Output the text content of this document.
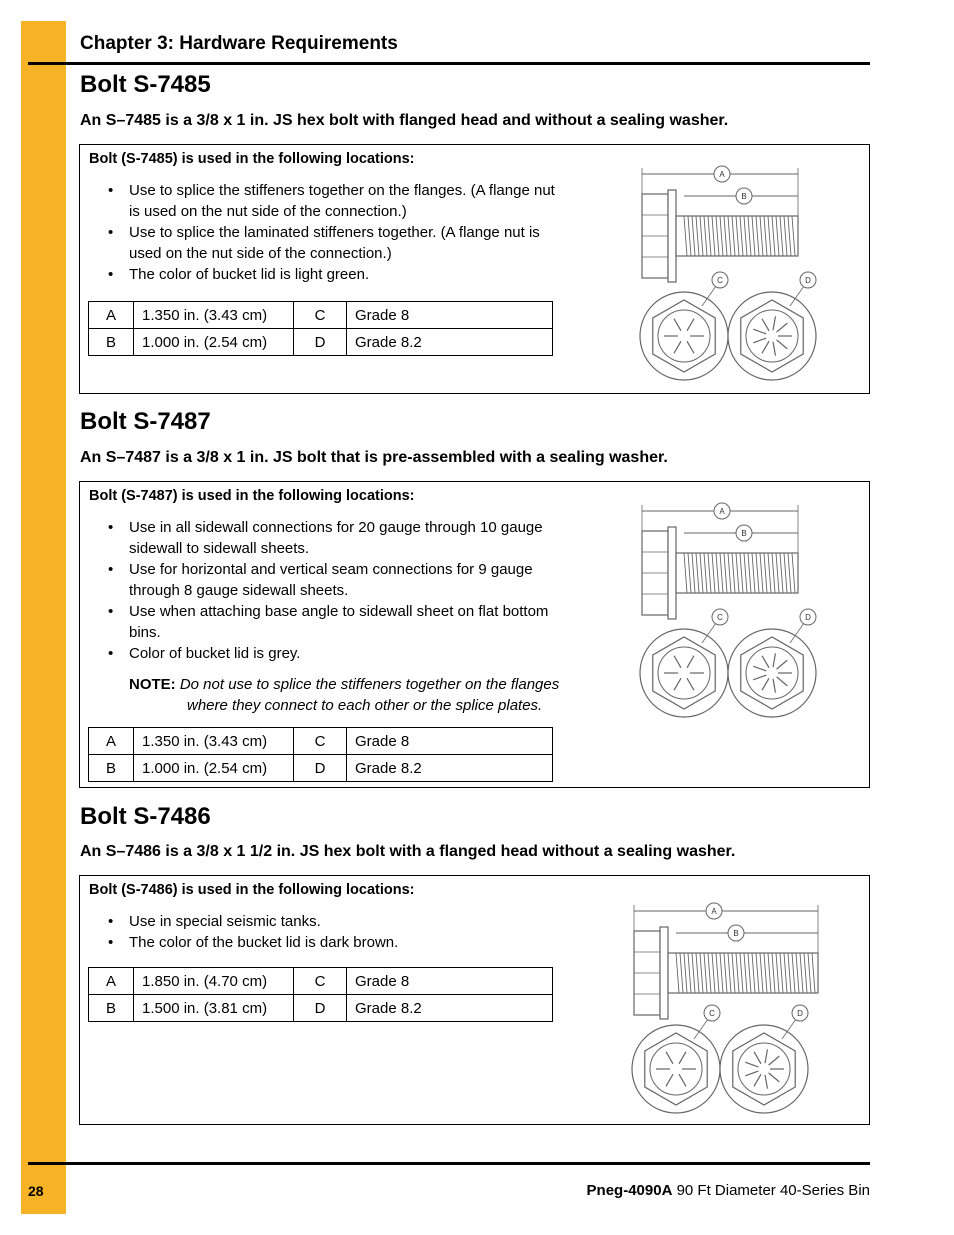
Chapter 3: Hardware Requirements
Bolt S-7485
An S–7485 is a 3/8 x 1 in. JS hex bolt with flanged head and without a sealing washer.
Bolt (S-7485) is used in the following locations:
• Use to splice the stiffeners together on the flanges. (A flange nut is used on the nut side of the connection.)
• Use to splice the laminated stiffeners together. (A flange nut is used on the nut side of the connection.)
• The color of bucket lid is light green.
A	1.350 in. (3.43 cm)	C	Grade 8
B	1.000 in. (2.54 cm)	D	Grade 8.2
A
B
C	D
Bolt S-7487
An S–7487 is a 3/8 x 1 in. JS bolt that is pre-assembled with a sealing washer.
Bolt (S-7487) is used in the following locations:
• Use in all sidewall connections for 20 gauge through 10 gauge sidewall to sidewall sheets.
• Use for horizontal and vertical seam connections for 9 gauge through 8 gauge sidewall sheets.
• Use when attaching base angle to sidewall sheet on flat bottom bins.
• Color of bucket lid is grey.
NOTE: Do not use to splice the stiffeners together on the flanges
where they connect to each other or the splice plates.
A	1.350 in. (3.43 cm)	C	Grade 8
B	1.000 in. (2.54 cm)	D	Grade 8.2
A
B
C	D
Bolt S-7486
An S–7486 is a 3/8 x 1 1/2 in. JS hex bolt with a flanged head without a sealing washer.
Bolt (S-7486) is used in the following locations:
• Use in special seismic tanks.
• The color of the bucket lid is dark brown.
A	1.850 in. (4.70 cm)	C	Grade 8
B	1.500 in. (3.81 cm)	D	Grade 8.2
A
B
C	D
28	Pneg-4090A 90 Ft Diameter 40-Series Bin
